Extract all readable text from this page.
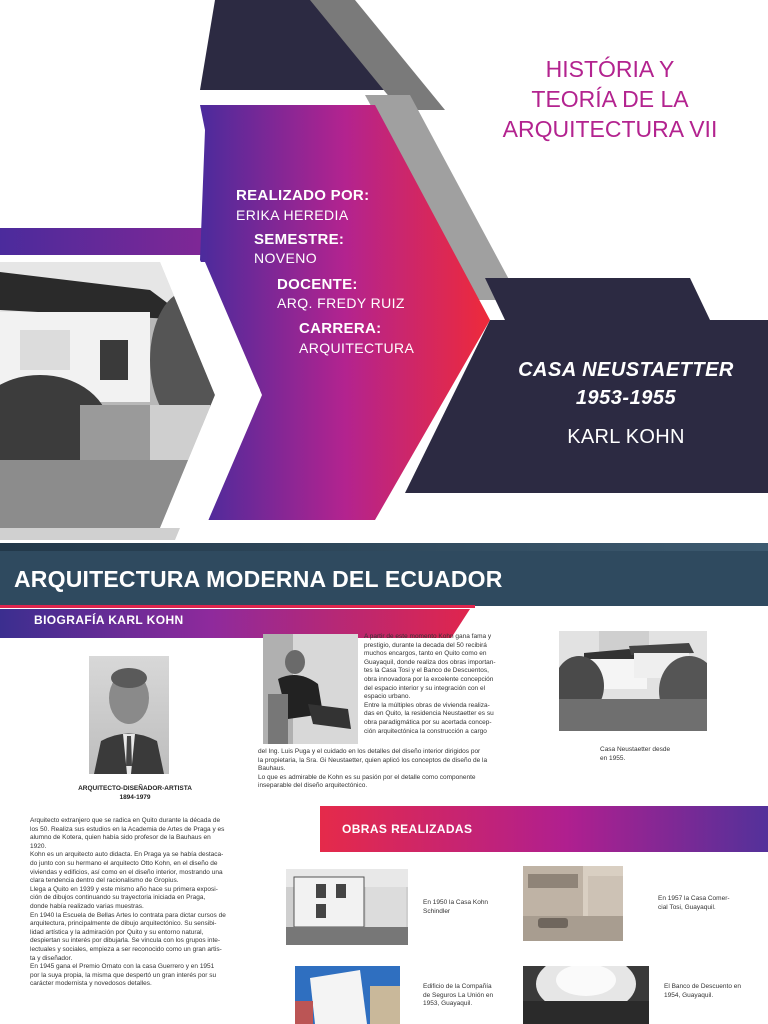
HISTÓRIA Y
TEORÍA DE LA
ARQUITECTURA VII
REALIZADO POR:
ERIKA HEREDIA
SEMESTRE:
NOVENO
DOCENTE:
ARQ. FREDY RUIZ
CARRERA:
ARQUITECTURA
CASA NEUSTAETTER
1953-1955
KARL KOHN
ARQUITECTURA MODERNA DEL ECUADOR
BIOGRAFÍA KARL KOHN
ARQUITECTO-DISEÑADOR-ARTISTA
1894-1979
Arquitecto extranjero que se radica en Quito durante la década de
los 50. Realiza sus estudios en la Academia de Artes de Praga y es
alumno de Kotera, quien había sido profesor de la Bauhaus en
1920.
Kohn es un arquitecto auto didacta. En Praga ya se había destaca-
do junto con su hermano el arquitecto Otto Kohn, en el diseño de
viviendas y edificios, así como en el diseño interior, mostrando una
clara tendencia dentro del racionalismo de Gropius.
Llega a Quito en 1939 y este mismo año hace su primera exposi-
ción de dibujos continuando su trayectoria iniciada en Praga,
donde había realizado varias muestras.
En 1940 la Escuela de Bellas Artes lo contrata para dictar cursos de
arquitectura, principalmente de dibujo arquitectónico. Su sensibi-
lidad artística y la admiración por Quito y su entorno natural,
despiertan su interés por dibujarla. Se vincula con los grupos inte-
lectuales y sociales, empieza a ser reconocido como un gran artis-
ta y diseñador.
En 1945 gana el Premio Ornato con la casa Guerrero y en 1951
por la suya propia, la misma que despertó un gran interés por su
carácter modernista y novedosos detalles.
A partir de este momento Kohn gana fama y
prestigio, durante la decada del 50 recibirá
muchos encargos, tanto en Quito como en
Guayaquil, donde realiza dos obras importan-
tes la Casa Tosi y el Banco de Descuentos,
obra innovadora por la excelente concepción
del espacio interior y su integración con el
espacio urbano.
Entre la múltiples obras de vivienda realiza-
das en Quito, la residencia Neustaetter es su
obra paradigmática por su acertada concep-
ción arquitectónica la construcción a cargo
del Ing. Luis Puga y el cuidado en los detalles del diseño interior dirigidos por
la propietaria, la Sra. Gi Neustaetter, quien aplicó los conceptos de diseño de la
Bauhaus.
Lo que es admirable de Kohn es su pasión por el detalle como componente
inseparable del diseño arquitectónico.
Casa Neustaetter desde
en 1955.
OBRAS REALIZADAS
En 1950 la Casa Kohn
Schindler
En 1957 la Casa Comer-
cial Tosi, Guayaquil.
Edificio de la Compañía
de Seguros La Unión en
1953, Guayaquil.
El Banco de Descuento en
1954, Guayaquil.
